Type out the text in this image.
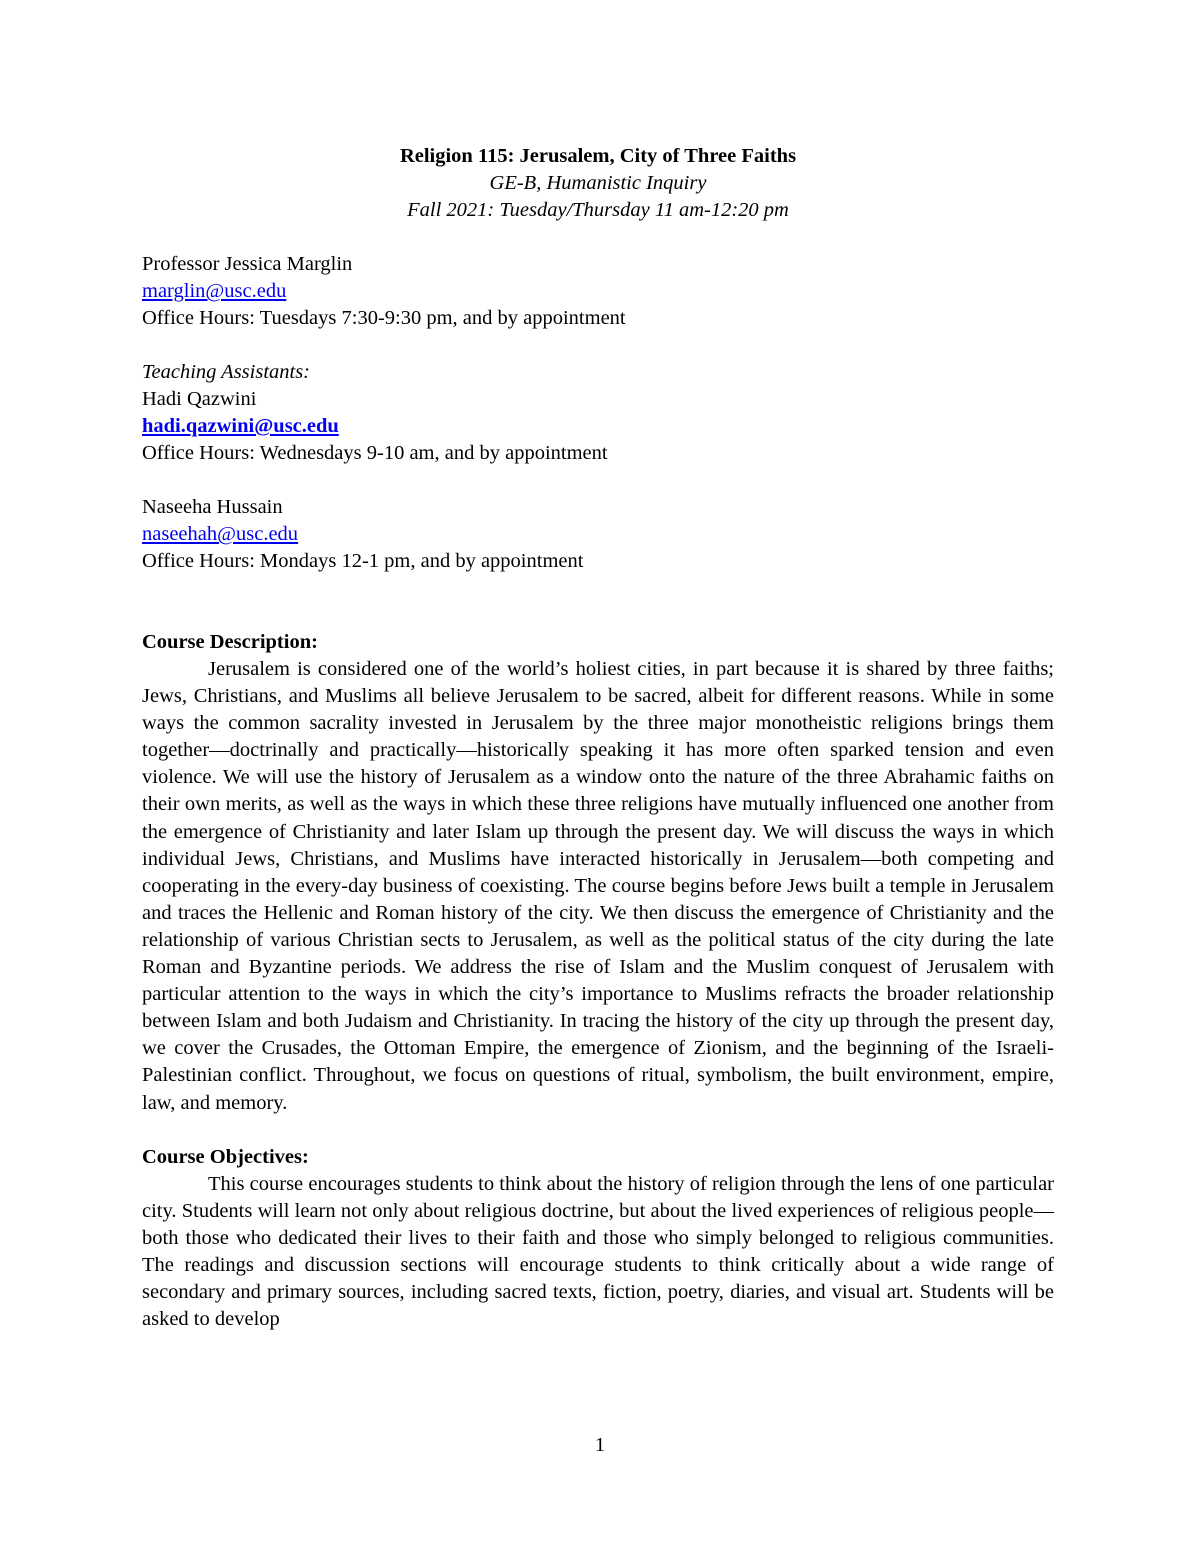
Religion 115: Jerusalem, City of Three Faiths
GE-B, Humanistic Inquiry
Fall 2021: Tuesday/Thursday 11 am-12:20 pm
Professor Jessica Marglin
marglin@usc.edu
Office Hours: Tuesdays 7:30-9:30 pm, and by appointment
Teaching Assistants:
Hadi Qazwini
hadi.qazwini@usc.edu
Office Hours: Wednesdays 9-10 am, and by appointment
Naseeha Hussain
naseehah@usc.edu
Office Hours: Mondays 12-1 pm, and by appointment
Course Description:

Jerusalem is considered one of the world’s holiest cities, in part because it is shared by three faiths; Jews, Christians, and Muslims all believe Jerusalem to be sacred, albeit for different reasons. While in some ways the common sacrality invested in Jerusalem by the three major monotheistic religions brings them together—doctrinally and practically—historically speaking it has more often sparked tension and even violence. We will use the history of Jerusalem as a window onto the nature of the three Abrahamic faiths on their own merits, as well as the ways in which these three religions have mutually influenced one another from the emergence of Christianity and later Islam up through the present day. We will discuss the ways in which individual Jews, Christians, and Muslims have interacted historically in Jerusalem—both competing and cooperating in the every-day business of coexisting. The course begins before Jews built a temple in Jerusalem and traces the Hellenic and Roman history of the city. We then discuss the emergence of Christianity and the relationship of various Christian sects to Jerusalem, as well as the political status of the city during the late Roman and Byzantine periods. We address the rise of Islam and the Muslim conquest of Jerusalem with particular attention to the ways in which the city’s importance to Muslims refracts the broader relationship between Islam and both Judaism and Christianity. In tracing the history of the city up through the present day, we cover the Crusades, the Ottoman Empire, the emergence of Zionism, and the beginning of the Israeli-Palestinian conflict. Throughout, we focus on questions of ritual, symbolism, the built environment, empire, law, and memory.

Course Objectives:

This course encourages students to think about the history of religion through the lens of one particular city. Students will learn not only about religious doctrine, but about the lived experiences of religious people—both those who dedicated their lives to their faith and those who simply belonged to religious communities. The readings and discussion sections will encourage students to think critically about a wide range of secondary and primary sources, including sacred texts, fiction, poetry, diaries, and visual art. Students will be asked to develop

1
